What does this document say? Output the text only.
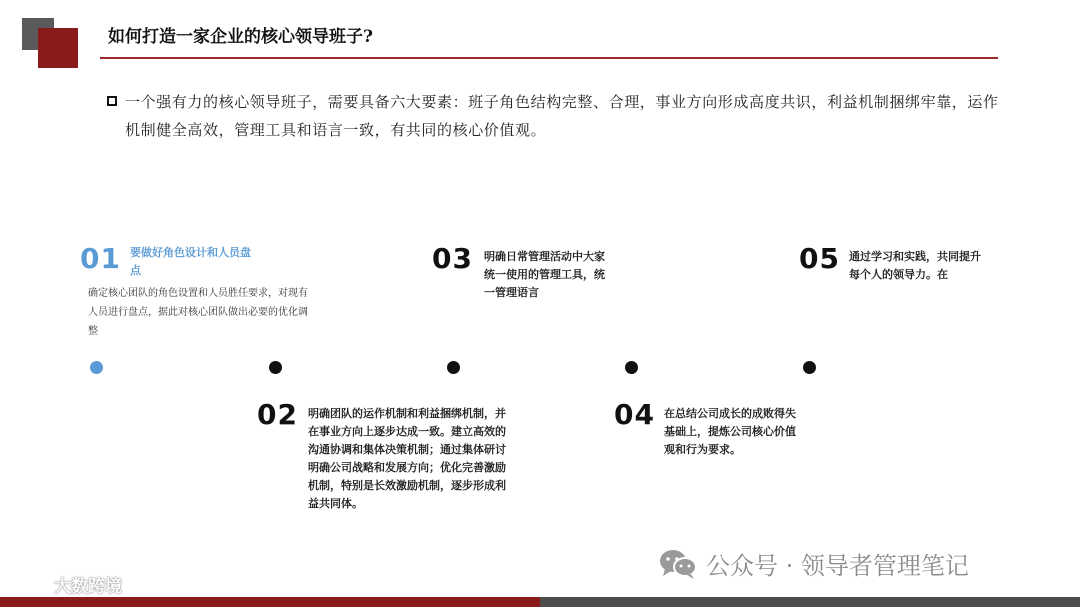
如何打造一家企业的核心领导班子?
一个强有力的核心领导班子，需要具备六大要素：班子角色结构完整、合理，事业方向形成高度共识，利益机制捆绑牢靠，运作机制健全高效，管理工具和语言一致，有共同的核心价值观。
01 要做好角色设计和人员盘点
确定核心团队的角色设置和人员胜任要求，对现有人员进行盘点，据此对核心团队做出必要的优化调整
03 明确日常管理活动中大家统一使用的管理工具，统一管理语言
05 通过学习和实践，共同提升每个人的领导力。在
02 明确团队的运作机制和利益捆绑机制，并在事业方向上逐步达成一致。建立高效的沟通协调和集体决策机制；通过集体研讨明确公司战略和发展方向；优化完善激励机制，特别是长效激励机制，逐步形成利益共同体。
04 在总结公司成长的成败得失基础上，提炼公司核心价值观和行为要求。
公众号 · 领导者管理笔记
大数跨境
